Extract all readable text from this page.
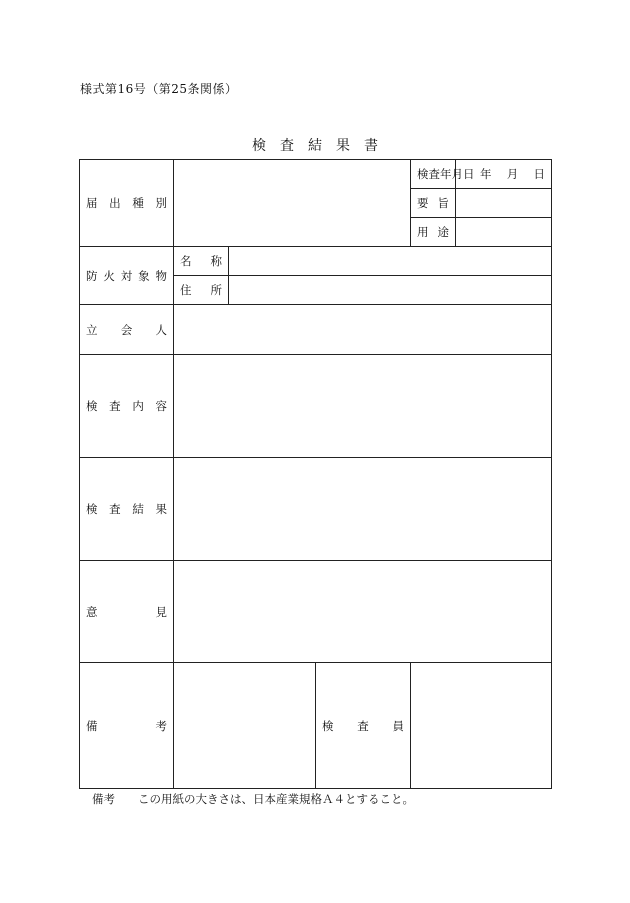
様式第16号（第25条関係）
検査結果書
届 出 種 別				検 査 年 月 日	年 月 日

				要 旨	

				用 途	

防 火 対 象 物	名 称				

	住 所				

立 会 人					

検 査 内 容					

検 査 結 果					

意 見					

備 考			検 査 員		

備考 この用紙の大きさは、日本産業規格Ａ４とすること。
